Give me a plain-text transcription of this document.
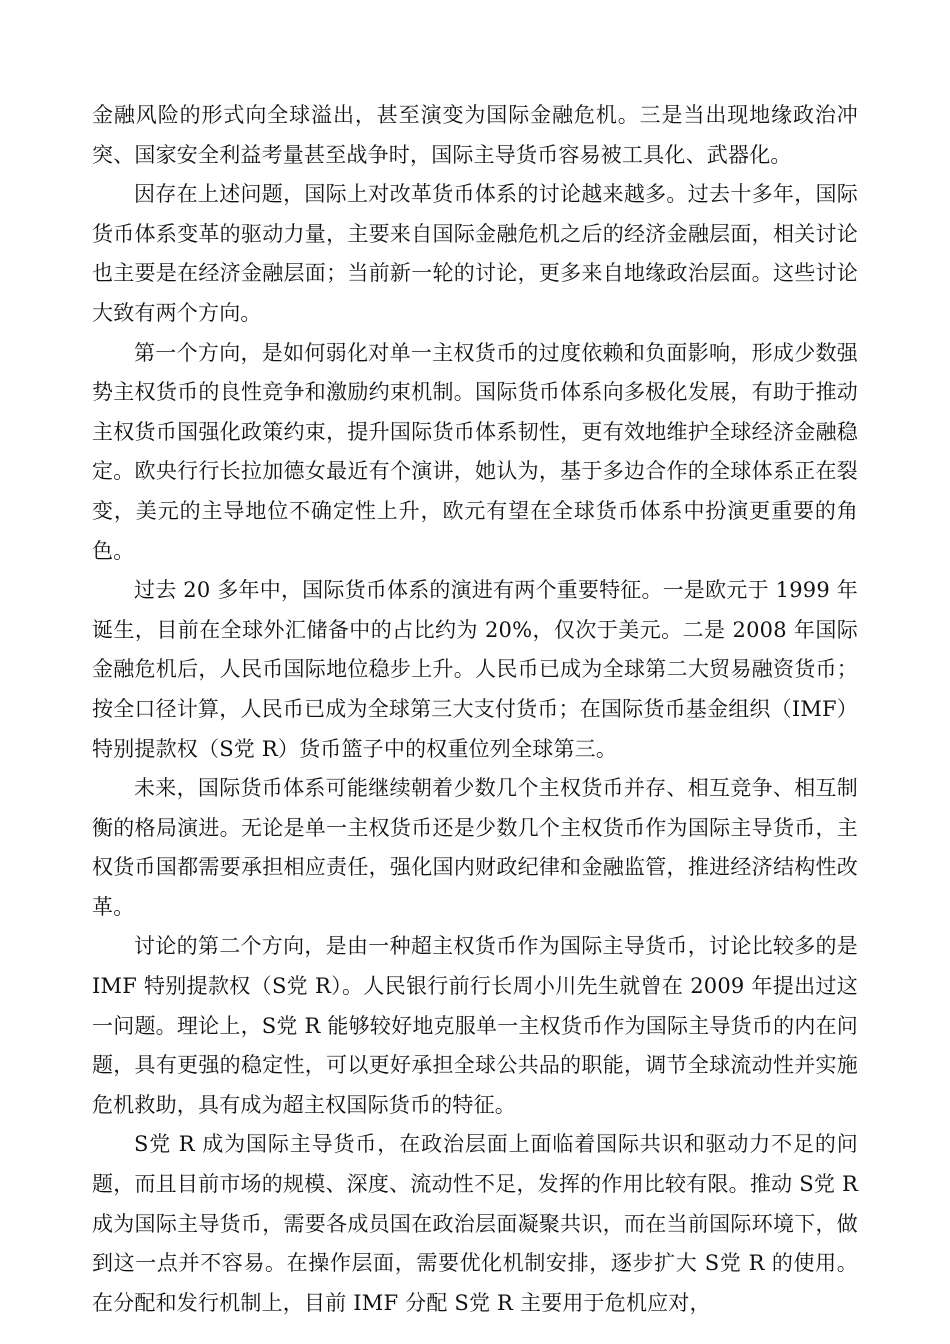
金融风险的形式向全球溢出，甚至演变为国际金融危机。三是当出现地缘政治冲突、国家安全利益考量甚至战争时，国际主导货币容易被工具化、武器化。

因存在上述问题，国际上对改革货币体系的讨论越来越多。过去十多年，国际货币体系变革的驱动力量，主要来自国际金融危机之后的经济金融层面，相关讨论也主要是在经济金融层面；当前新一轮的讨论，更多来自地缘政治层面。这些讨论大致有两个方向。

第一个方向，是如何弱化对单一主权货币的过度依赖和负面影响，形成少数强势主权货币的良性竞争和激励约束机制。国际货币体系向多极化发展，有助于推动主权货币国强化政策约束，提升国际货币体系韧性，更有效地维护全球经济金融稳定。欧央行行长拉加德女最近有个演讲，她认为，基于多边合作的全球体系正在裂变，美元的主导地位不确定性上升，欧元有望在全球货币体系中扮演更重要的角色。

过去 20 多年中，国际货币体系的演进有两个重要特征。一是欧元于 1999 年诞生，目前在全球外汇储备中的占比约为 20%，仅次于美元。二是 2008 年国际金融危机后，人民币国际地位稳步上升。人民币已成为全球第二大贸易融资货币；按全口径计算，人民币已成为全球第三大支付货币；在国际货币基金组织（IMF）特别提款权（S党 R）货币篮子中的权重位列全球第三。

未来，国际货币体系可能继续朝着少数几个主权货币并存、相互竞争、相互制衡的格局演进。无论是单一主权货币还是少数几个主权货币作为国际主导货币，主权货币国都需要承担相应责任，强化国内财政纪律和金融监管，推进经济结构性改革。

讨论的第二个方向，是由一种超主权货币作为国际主导货币，讨论比较多的是 IMF 特别提款权（S党 R）。人民银行前行长周小川先生就曾在 2009 年提出过这一问题。理论上，S党 R 能够较好地克服单一主权货币作为国际主导货币的内在问题，具有更强的稳定性，可以更好承担全球公共品的职能，调节全球流动性并实施危机救助，具有成为超主权国际货币的特征。

S党 R 成为国际主导货币，在政治层面上面临着国际共识和驱动力不足的问题，而且目前市场的规模、深度、流动性不足，发挥的作用比较有限。推动 S党 R 成为国际主导货币，需要各成员国在政治层面凝聚共识，而在当前国际环境下，做到这一点并不容易。在操作层面，需要优化机制安排，逐步扩大 S党 R 的使用。在分配和发行机制上，目前 IMF 分配 S党 R 主要用于危机应对，
